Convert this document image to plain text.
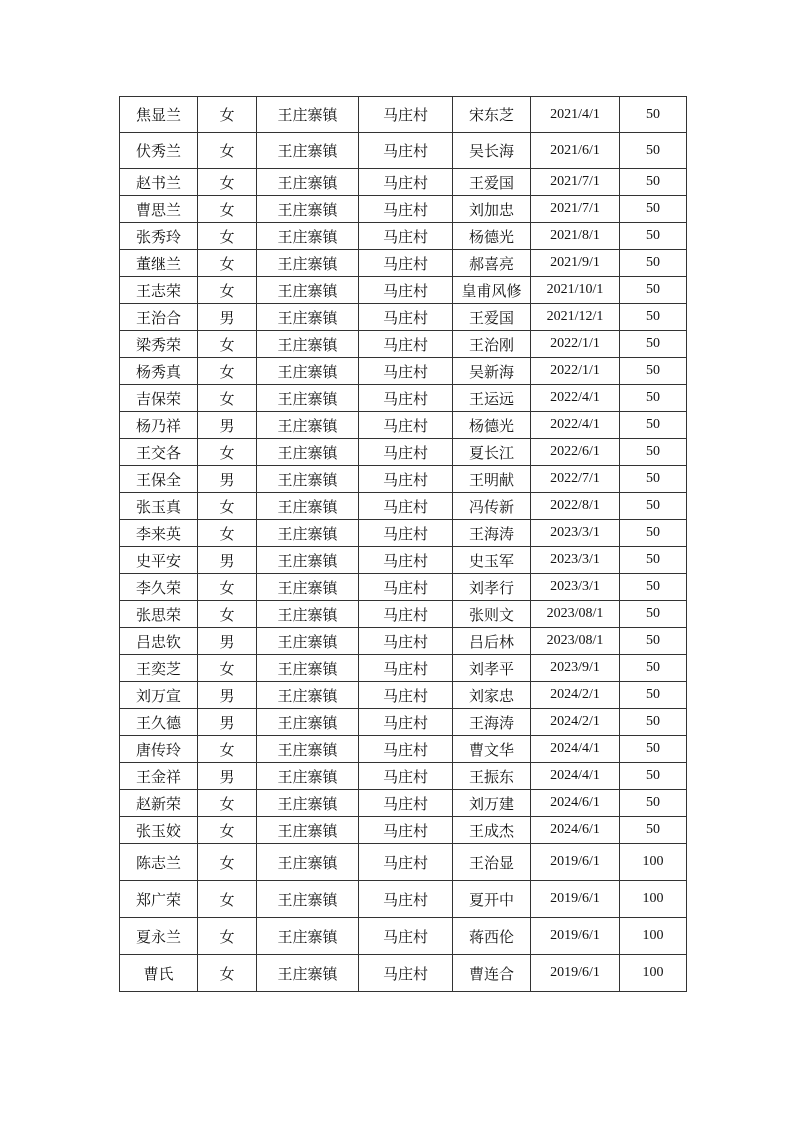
焦显兰	女	王庄寨镇	马庄村	宋东芝	2021/4/1	50
伏秀兰	女	王庄寨镇	马庄村	吴长海	2021/6/1	50
赵书兰	女	王庄寨镇	马庄村	王爱国	2021/7/1	50
曹思兰	女	王庄寨镇	马庄村	刘加忠	2021/7/1	50
张秀玲	女	王庄寨镇	马庄村	杨德光	2021/8/1	50
董继兰	女	王庄寨镇	马庄村	郝喜亮	2021/9/1	50
王志荣	女	王庄寨镇	马庄村	皇甫风修	2021/10/1	50
王治合	男	王庄寨镇	马庄村	王爱国	2021/12/1	50
梁秀荣	女	王庄寨镇	马庄村	王治刚	2022/1/1	50
杨秀真	女	王庄寨镇	马庄村	吴新海	2022/1/1	50
吉保荣	女	王庄寨镇	马庄村	王运远	2022/4/1	50
杨乃祥	男	王庄寨镇	马庄村	杨德光	2022/4/1	50
王交各	女	王庄寨镇	马庄村	夏长江	2022/6/1	50
王保全	男	王庄寨镇	马庄村	王明献	2022/7/1	50
张玉真	女	王庄寨镇	马庄村	冯传新	2022/8/1	50
李来英	女	王庄寨镇	马庄村	王海涛	2023/3/1	50
史平安	男	王庄寨镇	马庄村	史玉军	2023/3/1	50
李久荣	女	王庄寨镇	马庄村	刘孝行	2023/3/1	50
张思荣	女	王庄寨镇	马庄村	张则文	2023/08/1	50
吕忠钦	男	王庄寨镇	马庄村	吕后林	2023/08/1	50
王奕芝	女	王庄寨镇	马庄村	刘孝平	2023/9/1	50
刘万宣	男	王庄寨镇	马庄村	刘家忠	2024/2/1	50
王久德	男	王庄寨镇	马庄村	王海涛	2024/2/1	50
唐传玲	女	王庄寨镇	马庄村	曹文华	2024/4/1	50
王金祥	男	王庄寨镇	马庄村	王振东	2024/4/1	50
赵新荣	女	王庄寨镇	马庄村	刘万建	2024/6/1	50
张玉姣	女	王庄寨镇	马庄村	王成杰	2024/6/1	50
陈志兰	女	王庄寨镇	马庄村	王治显	2019/6/1	100
郑广荣	女	王庄寨镇	马庄村	夏开中	2019/6/1	100
夏永兰	女	王庄寨镇	马庄村	蒋西伦	2019/6/1	100
曹氏	女	王庄寨镇	马庄村	曹连合	2019/6/1	100
